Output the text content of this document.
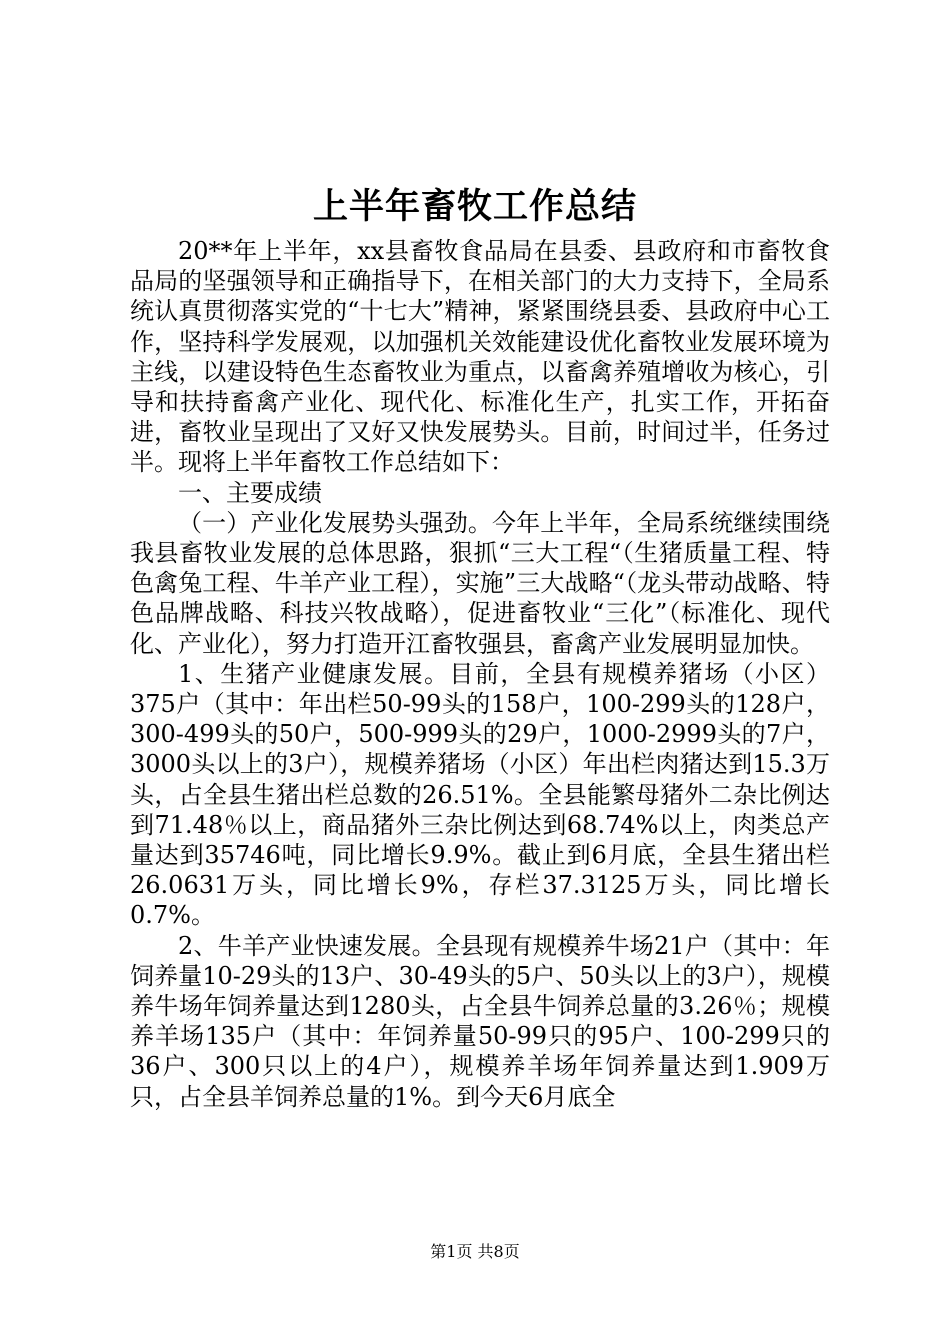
上半年畜牧工作总结

20**年上半年，xx县畜牧食品局在县委、县政府和市畜牧食品局的坚强领导和正确指导下，在相关部门的大力支持下，全局系统认真贯彻落实党的“十七大”精神，紧紧围绕县委、县政府中心工作，坚持科学发展观，以加强机关效能建设优化畜牧业发展环境为主线，以建设特色生态畜牧业为重点，以畜禽养殖增收为核心，引导和扶持畜禽产业化、现代化、标准化生产，扎实工作，开拓奋进，畜牧业呈现出了又好又快发展势头。目前，时间过半，任务过半。现将上半年畜牧工作总结如下：

一、主要成绩

（一）产业化发展势头强劲。今年上半年，全局系统继续围绕我县畜牧业发展的总体思路，狠抓“三大工程“（生猪质量工程、特色禽兔工程、牛羊产业工程），实施”三大战略“（龙头带动战略、特色品牌战略、科技兴牧战略），促进畜牧业“三化”（标准化、现代化、产业化），努力打造开江畜牧强县，畜禽产业发展明显加快。

1、生猪产业健康发展。目前，全县有规模养猪场（小区）375户（其中：年出栏50-99头的158户，100-299头的128户，300-499头的50户，500-999头的29户，1000-2999头的7户，3000头以上的3户），规模养猪场（小区）年出栏肉猪达到15.3万头，占全县生猪出栏总数的26.51%。全县能繁母猪外二杂比例达到71.48％以上，商品猪外三杂比例达到68.74%以上，肉类总产量达到35746吨，同比增长9.9%。截止到6月底，全县生猪出栏26.0631万头，同比增长9%，存栏37.3125万头，同比增长0.7%。

2、牛羊产业快速发展。全县现有规模养牛场21户（其中：年饲养量10-29头的13户、30-49头的5户、50头以上的3户），规模养牛场年饲养量达到1280头，占全县牛饲养总量的3.26％；规模养羊场135户（其中：年饲养量50-99只的95户、100-299只的36户、300只以上的4户），规模养羊场年饲养量达到1.909万只，占全县羊饲养总量的1%。到今天6月底全

第1页 共8页
